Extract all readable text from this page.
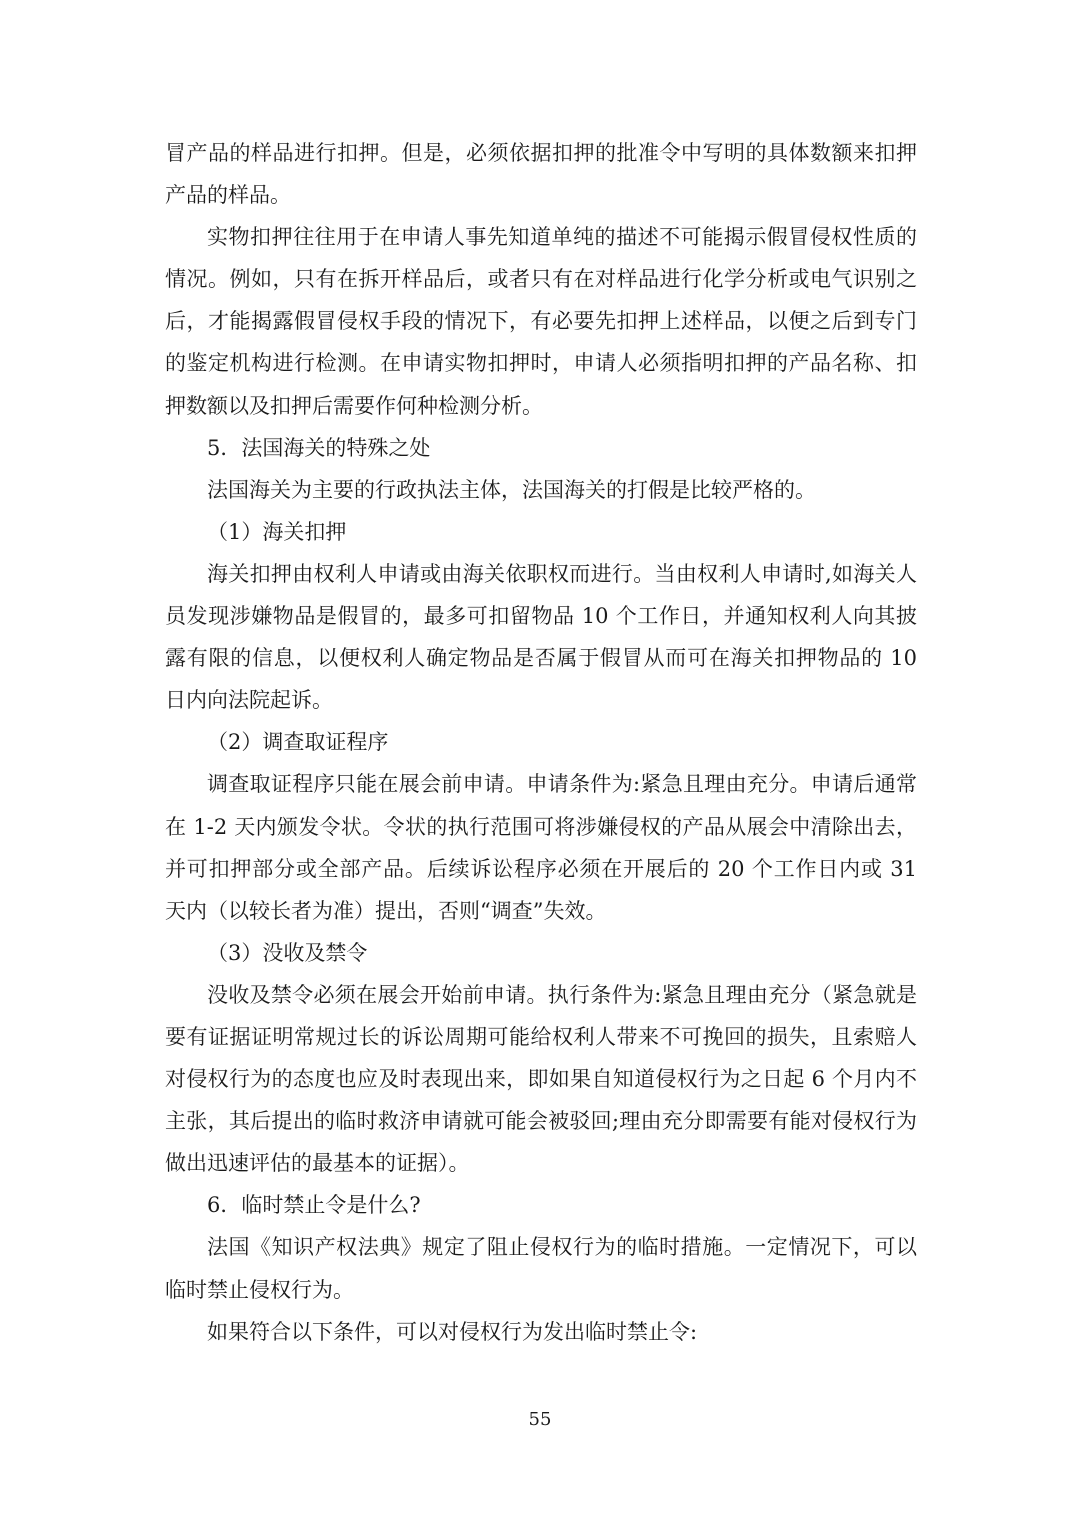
冒产品的样品进行扣押。但是，必须依据扣押的批准令中写明的具体数额来扣押产品的样品。

实物扣押往往用于在申请人事先知道单纯的描述不可能揭示假冒侵权性质的情况。例如，只有在拆开样品后，或者只有在对样品进行化学分析或电气识别之后，才能揭露假冒侵权手段的情况下，有必要先扣押上述样品，以便之后到专门的鉴定机构进行检测。在申请实物扣押时，申请人必须指明扣押的产品名称、扣押数额以及扣押后需要作何种检测分析。

5．法国海关的特殊之处

法国海关为主要的行政执法主体，法国海关的打假是比较严格的。

（1）海关扣押

海关扣押由权利人申请或由海关依职权而进行。当由权利人申请时,如海关人员发现涉嫌物品是假冒的，最多可扣留物品 10 个工作日，并通知权利人向其披露有限的信息，以便权利人确定物品是否属于假冒从而可在海关扣押物品的 10 日内向法院起诉。

（2）调查取证程序

调查取证程序只能在展会前申请。申请条件为:紧急且理由充分。申请后通常在 1-2 天内颁发令状。令状的执行范围可将涉嫌侵权的产品从展会中清除出去，并可扣押部分或全部产品。后续诉讼程序必须在开展后的 20 个工作日内或 31 天内（以较长者为准）提出，否则“调查”失效。

（3）没收及禁令

没收及禁令必须在展会开始前申请。执行条件为:紧急且理由充分（紧急就是要有证据证明常规过长的诉讼周期可能给权利人带来不可挽回的损失，且索赔人对侵权行为的态度也应及时表现出来，即如果自知道侵权行为之日起 6 个月内不主张，其后提出的临时救济申请就可能会被驳回;理由充分即需要有能对侵权行为做出迅速评估的最基本的证据）。

6．临时禁止令是什么?

法国《知识产权法典》规定了阻止侵权行为的临时措施。一定情况下，可以临时禁止侵权行为。

如果符合以下条件，可以对侵权行为发出临时禁止令:

55
